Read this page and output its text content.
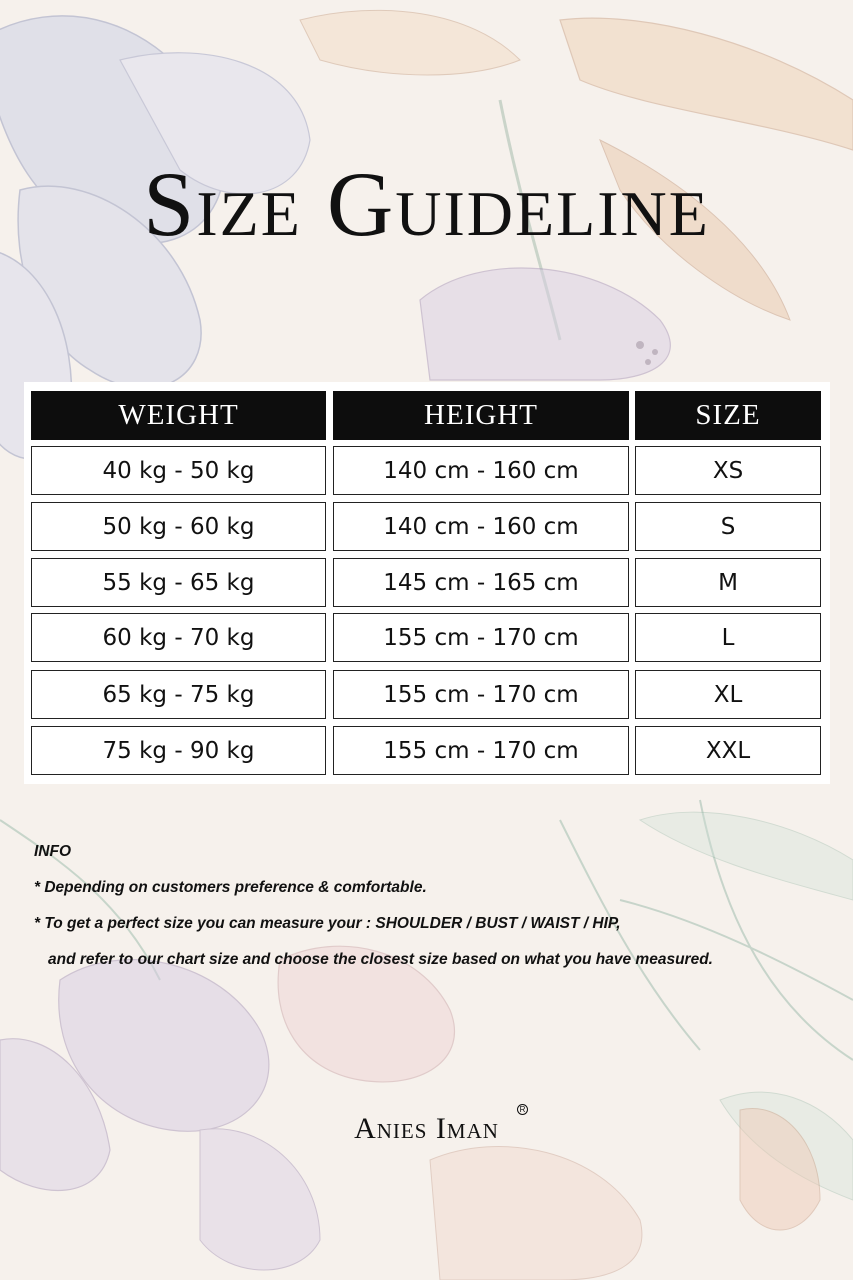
Size Guideline
WEIGHT	HEIGHT	SIZE
40 kg - 50 kg	140 cm - 160 cm	XS
50 kg - 60 kg	140 cm - 160 cm	S
55 kg - 65 kg	145 cm - 165 cm	M
60 kg - 70 kg	155 cm - 170 cm	L
65 kg - 75 kg	155 cm - 170 cm	XL
75 kg - 90 kg	155 cm - 170 cm	XXL
INFO
* Depending on customers preference & comfortable.
* To get a perfect size you can measure your : SHOULDER / BUST / WAIST / HIP,
and refer to our chart size and choose the closest size based on what you have measured.
Anies Iman
R
